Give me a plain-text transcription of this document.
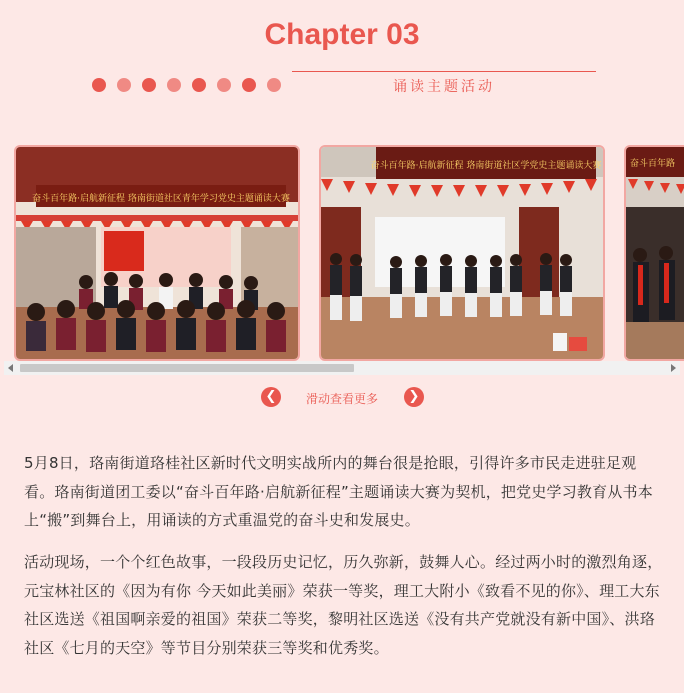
Chapter 03
诵读主题活动
奋斗百年路·启航新征程 珞南街道社区青年学习党史主题诵读大赛
奋斗百年路·启航新征程 珞南街道社区学党史主题诵读大赛	奋斗百年路
❮	滑动查看更多	❯

5月8日，珞南街道珞桂社区新时代文明实战所内的舞台很是抢眼，引得许多市民走进驻足观看。珞南街道团工委以“奋斗百年路·启航新征程”主题诵读大赛为契机，把党史学习教育从书本上“搬”到舞台上，用诵读的方式重温党的奋斗史和发展史。

活动现场，一个个红色故事，一段段历史记忆，历久弥新，鼓舞人心。经过两小时的激烈角逐，元宝林社区的《因为有你 今天如此美丽》荣获一等奖，理工大附小《致看不见的你》、理工大东社区选送《祖国啊亲爱的祖国》荣获二等奖，黎明社区选送《没有共产党就没有新中国》、洪珞社区《七月的天空》等节目分别荣获三等奖和优秀奖。
